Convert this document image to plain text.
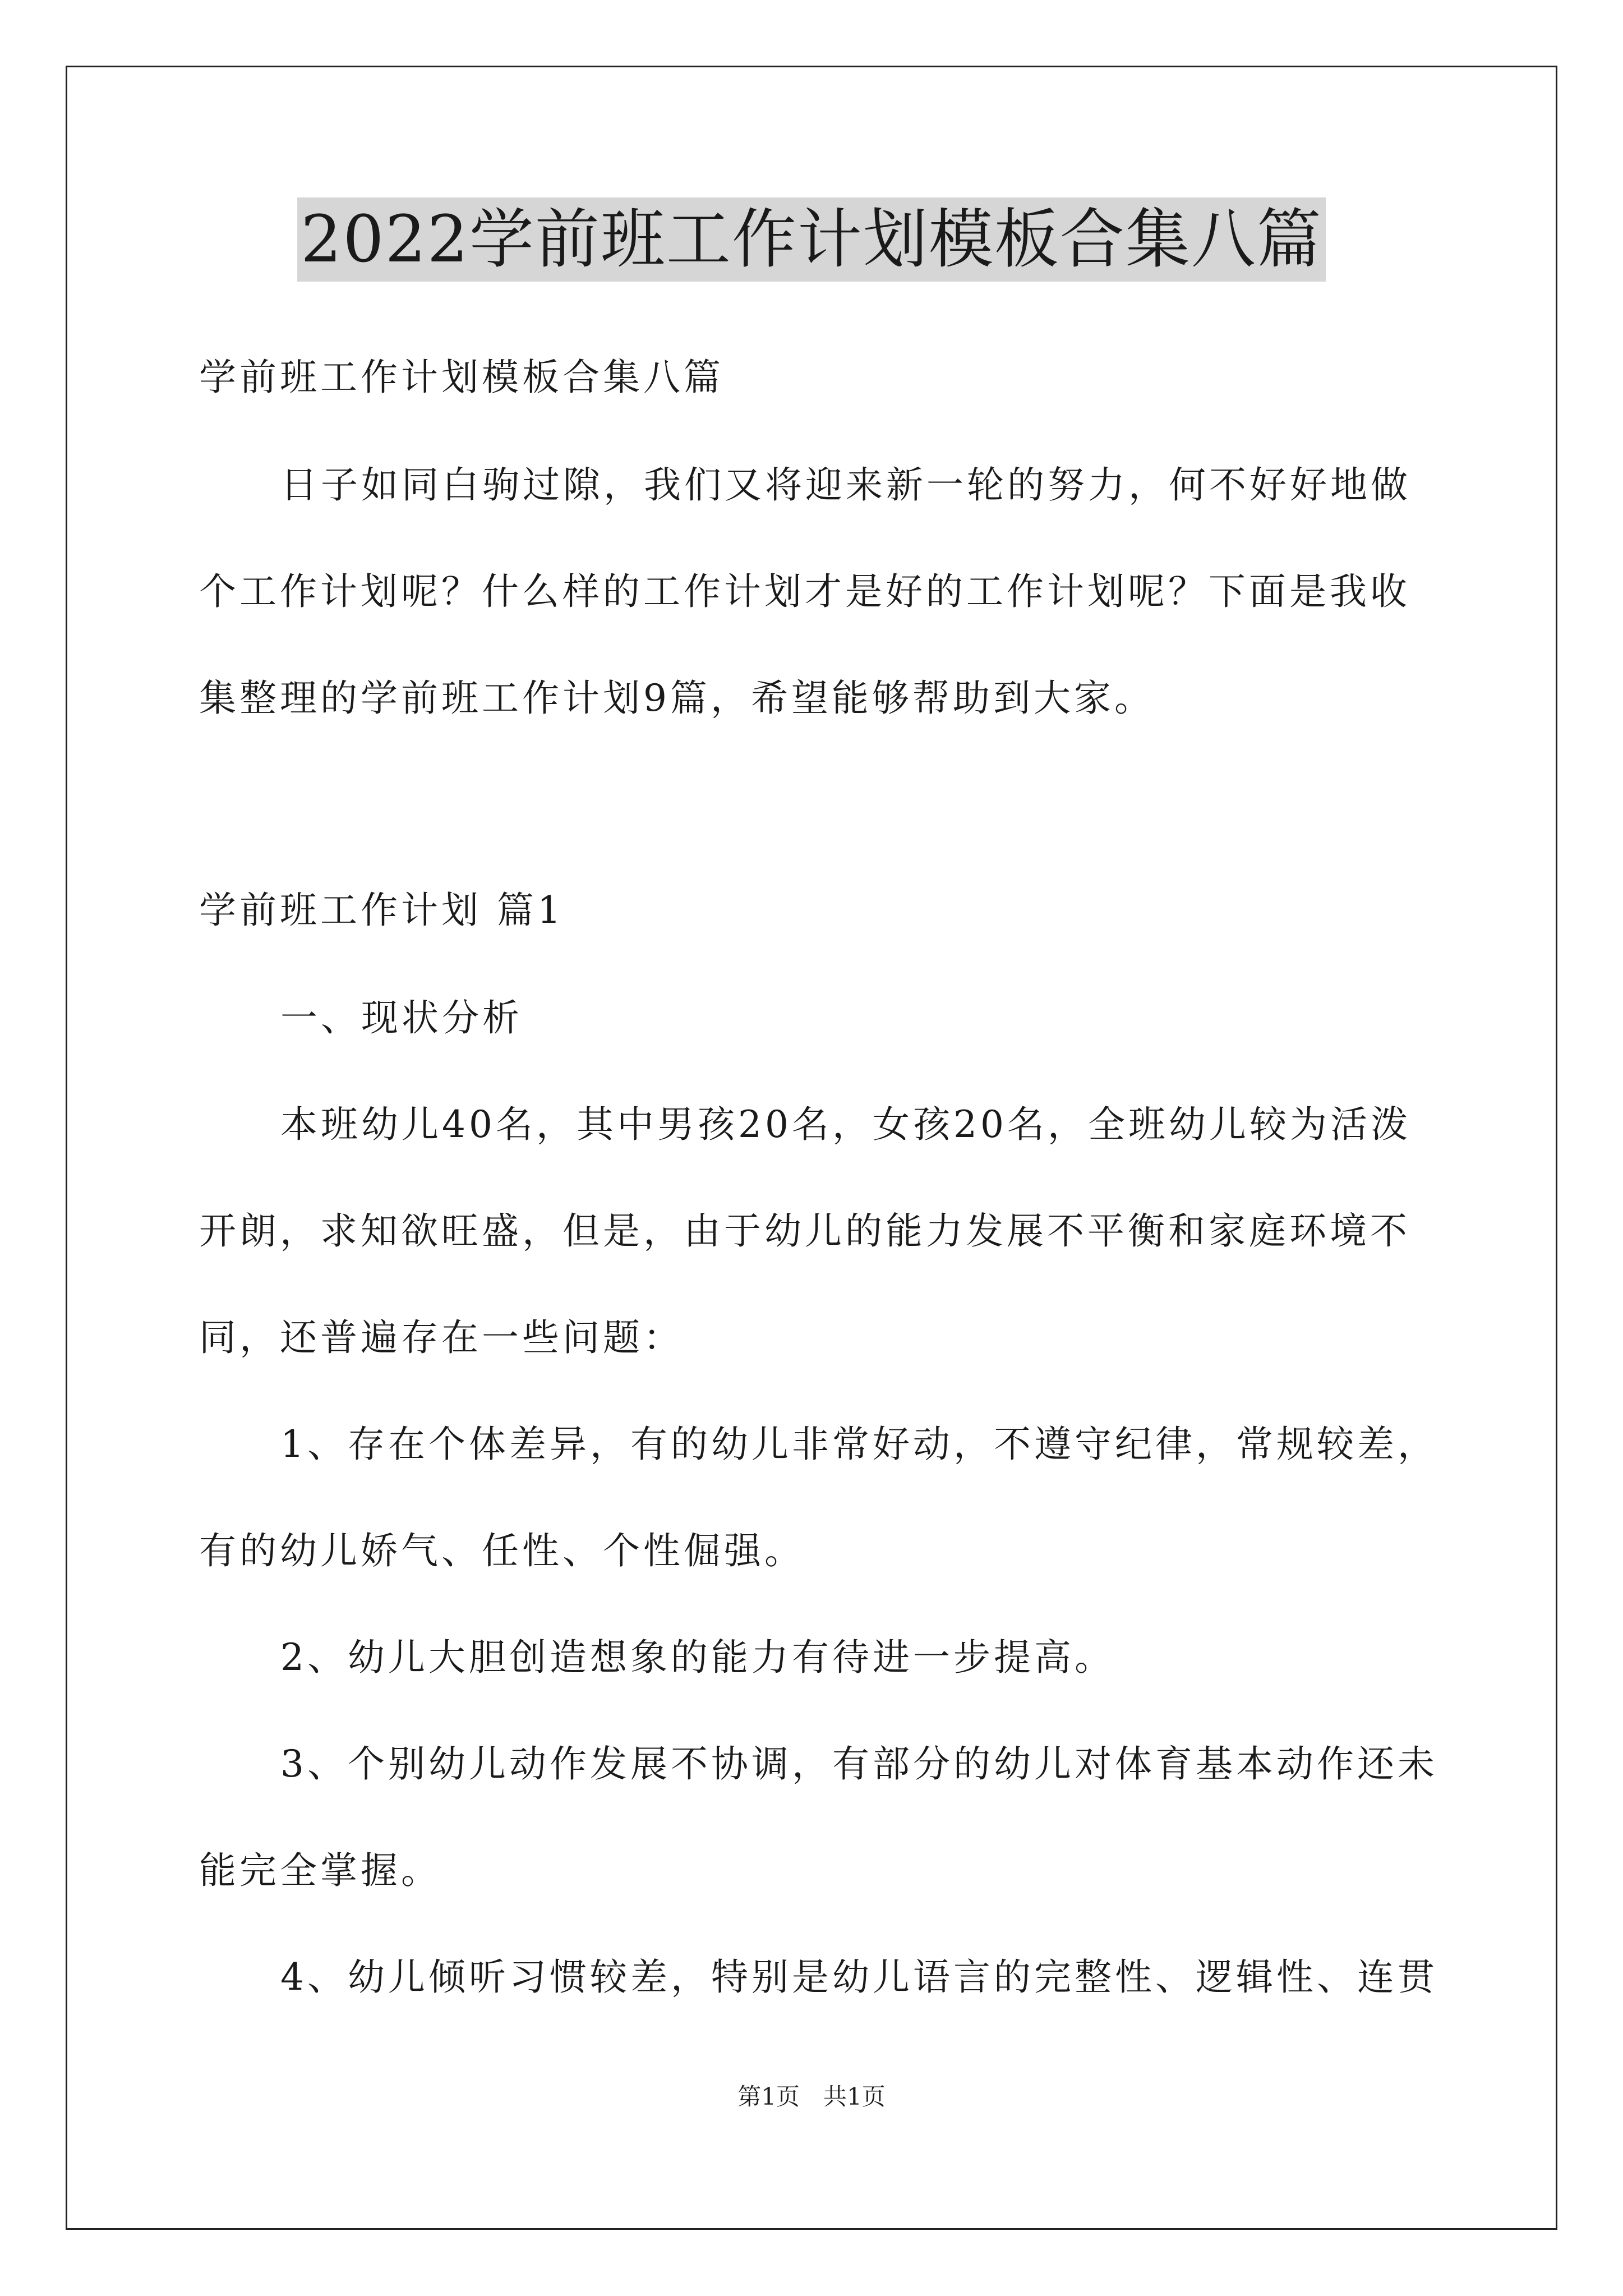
2022学前班工作计划模板合集八篇
学前班工作计划模板合集八篇
日子如同白驹过隙，我们又将迎来新一轮的努力，何不好好地做
个工作计划呢？什么样的工作计划才是好的工作计划呢？下面是我收
集整理的学前班工作计划9篇，希望能够帮助到大家。
学前班工作计划 篇1
一、现状分析
本班幼儿40名，其中男孩20名，女孩20名，全班幼儿较为活泼
开朗，求知欲旺盛，但是，由于幼儿的能力发展不平衡和家庭环境不
同，还普遍存在一些问题：
1、存在个体差异，有的幼儿非常好动，不遵守纪律，常规较差，
有的幼儿娇气、任性、个性倔强。
2、幼儿大胆创造想象的能力有待进一步提高。
3、个别幼儿动作发展不协调，有部分的幼儿对体育基本动作还未
能完全掌握。
4、幼儿倾听习惯较差，特别是幼儿语言的完整性、逻辑性、连贯
第1页　共1页
